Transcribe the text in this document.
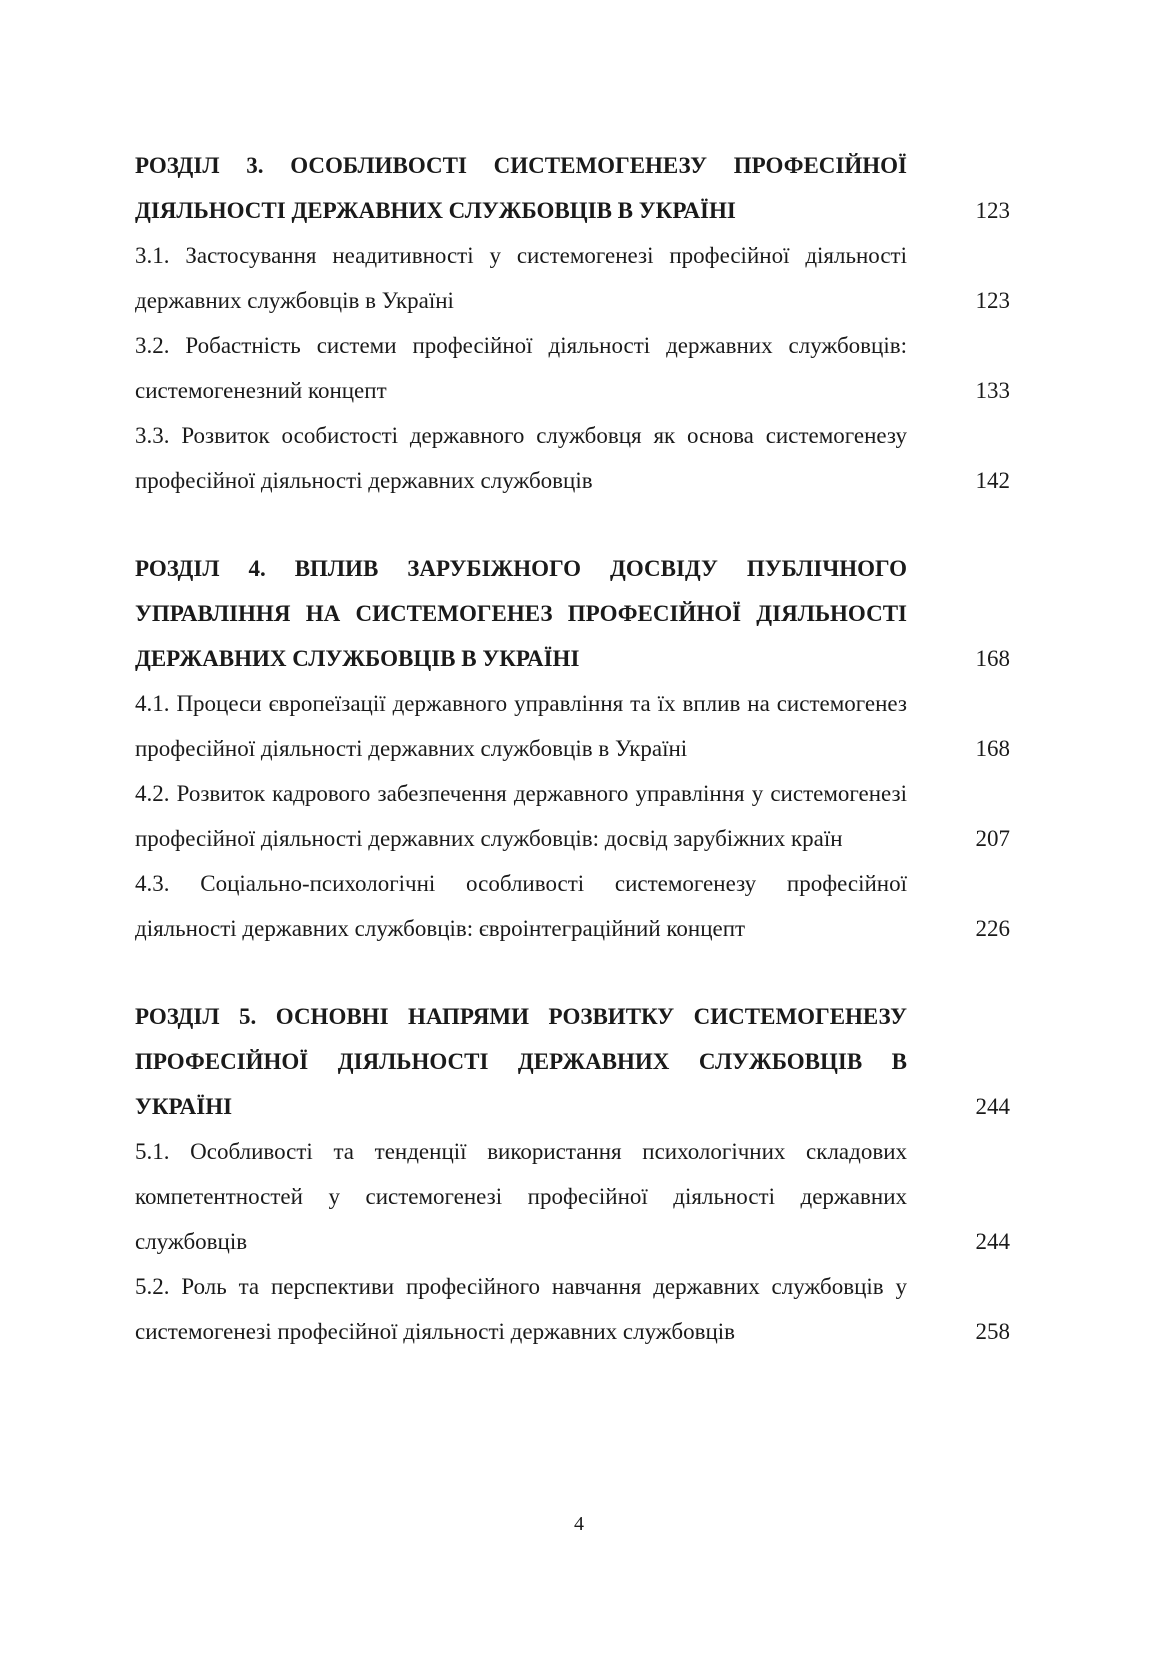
РОЗДІЛ 3. ОСОБЛИВОСТІ СИСТЕМОГЕНЕЗУ ПРОФЕСІЙНОЇ ДІЯЛЬНОСТІ ДЕРЖАВНИХ СЛУЖБОВЦІВ В УКРАЇНІ	123
3.1. Застосування неадитивності у системогенезі професійної діяльності державних службовців в Україні	123
3.2. Робастність системи професійної діяльності державних службовців: системогенезний концепт	133
3.3. Розвиток особистості державного службовця як основа системогенезу професійної діяльності державних службовців	142
РОЗДІЛ 4. ВПЛИВ ЗАРУБІЖНОГО ДОСВІДУ ПУБЛІЧНОГО УПРАВЛІННЯ НА СИСТЕМОГЕНЕЗ ПРОФЕСІЙНОЇ ДІЯЛЬНОСТІ ДЕРЖАВНИХ СЛУЖБОВЦІВ В УКРАЇНІ	168
4.1. Процеси європеїзації державного управління та їх вплив на системогенез професійної діяльності державних службовців в Україні	168
4.2. Розвиток кадрового забезпечення державного управління у системогенезі професійної діяльності державних службовців: досвід зарубіжних країн	207
4.3. Соціально-психологічні особливості системогенезу професійної діяльності державних службовців: євроінтеграційний концепт	226
РОЗДІЛ 5. ОСНОВНІ НАПРЯМИ РОЗВИТКУ СИСТЕМОГЕНЕЗУ ПРОФЕСІЙНОЇ ДІЯЛЬНОСТІ ДЕРЖАВНИХ СЛУЖБОВЦІВ В УКРАЇНІ	244
5.1. Особливості та тенденції використання психологічних складових компетентностей у системогенезі професійної діяльності державних службовців	244
5.2. Роль та перспективи професійного навчання державних службовців у системогенезі професійної діяльності державних службовців	258
4
